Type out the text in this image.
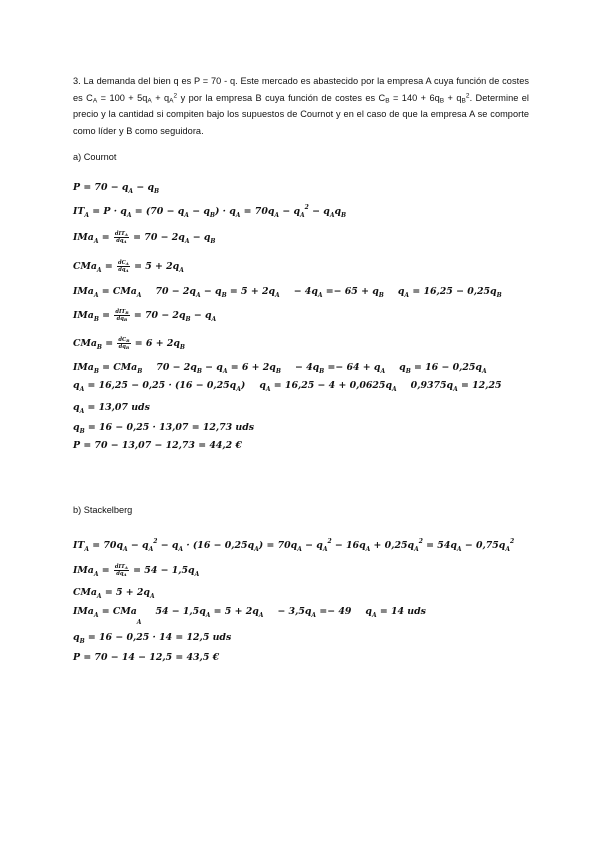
3. La demanda del bien q es P = 70 - q. Este mercado es abastecido por la empresa A cuya función de costes es $C_A = 100 + 5q_A + q_A^2$ y por la empresa B cuya función de costes es $C_B = 140 + 6q_B + q_B^2$. Determine el precio y la cantidad si compiten bajo los supuestos de Cournot y en el caso de que la empresa A se comporte como líder y B como seguidora.
a) Cournot
$P = 70 - q_A - q_B$
$IT_A = P \cdot q_A = (70 - q_A - q_B) \cdot q_A = 70q_A - q_A^2 - q_Aq_B$
$IMa_A = \frac{dIT_A}{dq_A} = 70 - 2q_A - q_B$
$CMa_A = \frac{dC_A}{dq_A} = 5 + 2q_A$
IMa$_A$ = CMa$_A$ $70 - 2q_A - q_B = 5 + 2q_A - 4q_A =- 65 + q_B$ $q_A = 16,25 - 0,25q_B$
$IMa_B = \frac{dIT_B}{dq_B} = 70 - 2q_B - q_A$
$CMa_B = \frac{dC_B}{dq_B} = 6 + 2q_B$
IMa$_B$ = CMa$_B$ $70 - 2q_B - q_A = 6 + 2q_B - 4q_B =- 64 + q_A$ $q_B = 16 - 0,25q_A$
$q_A = 16,25 - 0,25 \cdot (16 - 0,25q_A) q_A = 16,25 - 4 + 0,0625q_A$ $0,9375q_A = 12,25$
$q_A = 13,07$ uds
$q_B = 16 - 0,25 \cdot 13,07 = 12,73$ uds
P = 70 − 13,07 − 12,73 = 44,2 €
b) Stackelberg
$IT_A = 70q_A - q_A^2 - q_A \cdot (16 - 0,25q_A) = 70q_A - q_A^2 - 16q_A + 0,25q_A^2 = 54q_A - 0,75q_A^2$
$IMa_A = \frac{dIT_A}{dq_A} = 54 - 1,5q_A$
$CMa_A = 5 + 2q_A$
$IMa_A = CMa_A54 - 1,5q_A = 5 + 2q_A - 3,5q_A =- 49$ $q_A = 14$ uds
$q_B = 16 - 0,25 \cdot 14 = 12,5$ uds
P = 70 − 14 − 12,5 = 43,5 €
